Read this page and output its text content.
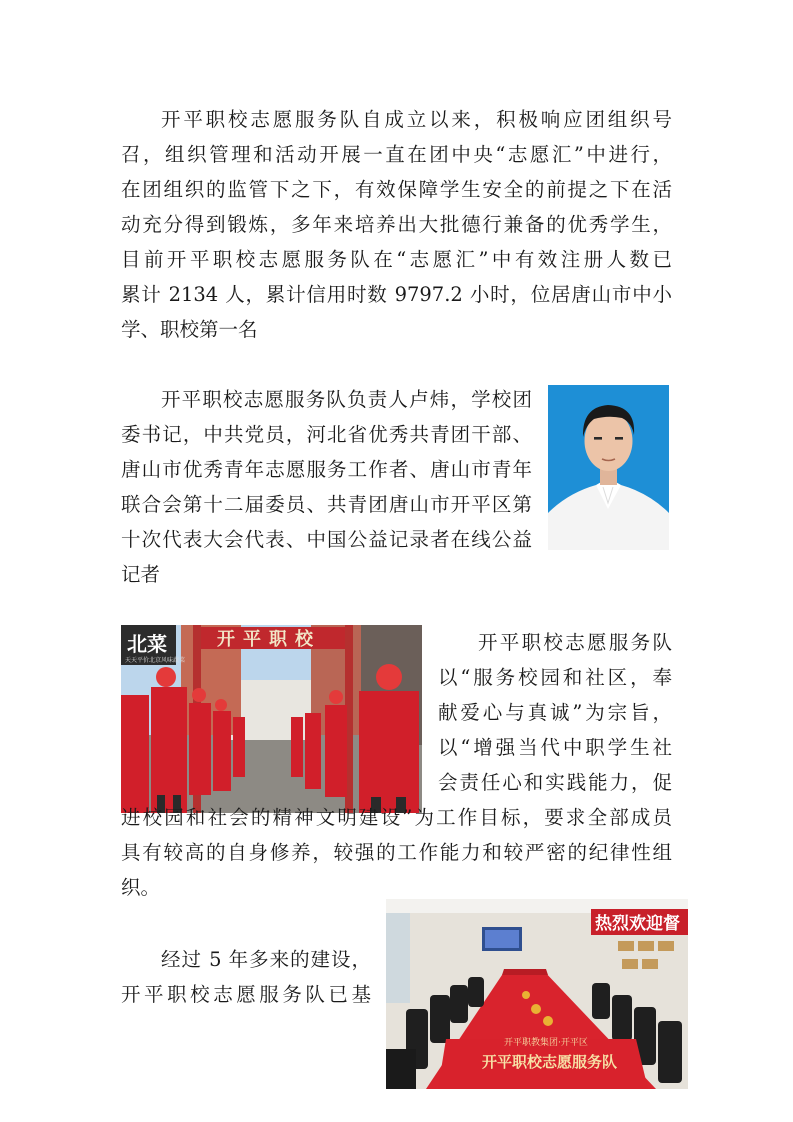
开平职校志愿服务队自成立以来，积极响应团组织号
召，组织管理和活动开展一直在团中央“志愿汇”中进行，
在团组织的监管下之下，有效保障学生安全的前提之下在活
动充分得到锻炼，多年来培养出大批德行兼备的优秀学生，
目前开平职校志愿服务队在“志愿汇”中有效注册人数已
累计 2134 人，累计信用时数 9797.2 小时，位居唐山市中小
学、职校第一名
开平职校志愿服务队负责人卢炜，学校团
委书记，中共党员，河北省优秀共青团干部、
唐山市优秀青年志愿服务工作者、唐山市青年
联合会第十二届委员、共青团唐山市开平区第
十次代表大会代表、中国公益记录者在线公益
记者
北菜
天天平价北京风味蔬菜
开平职校	开平职校志愿服务队
以“服务校园和社区，奉
献爱心与真诚”为宗旨，
以“增强当代中职学生社
会责任心和实践能力，促
进校园和社会的精神文明建设”为工作目标，要求全部成员
具有较高的自身修养，较强的工作能力和较严密的纪律性组
织。
经过 5 年多来的建设，
开平职校志愿服务队已基
热烈欢迎督
开平职教集团·开平区
开平职校志愿服务队
